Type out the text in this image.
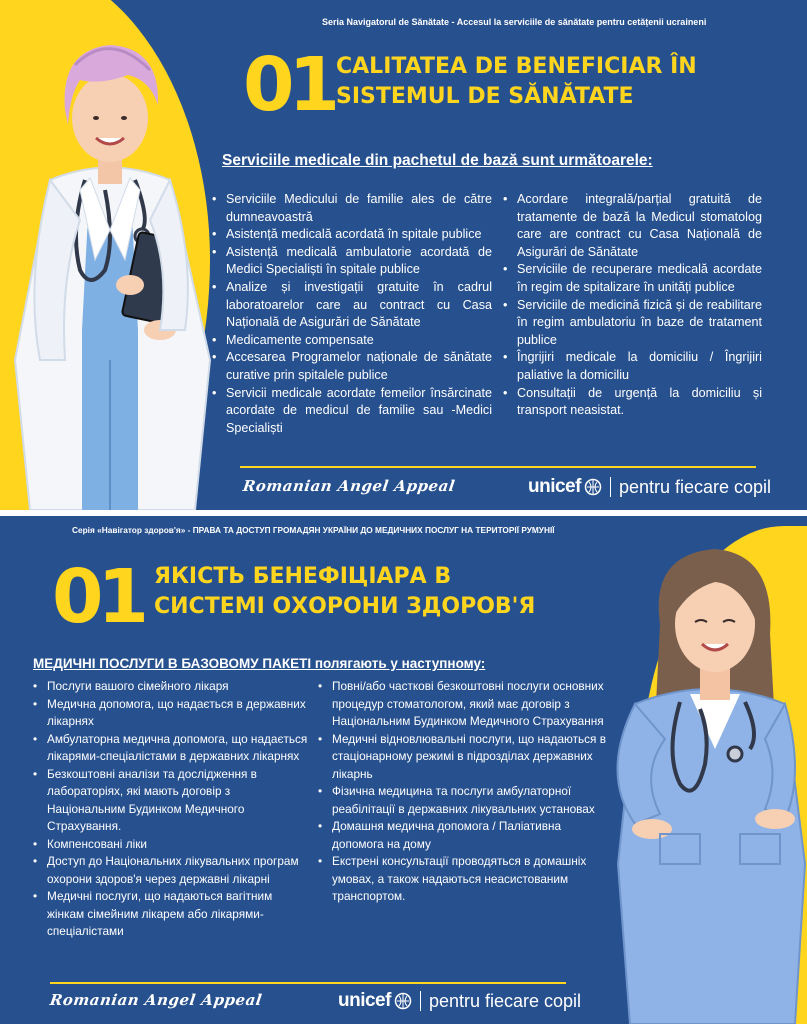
Seria Navigatorul de Sănătate - Accesul la serviciile de sănătate pentru cetățenii ucraineni
01 CALITATEA DE BENEFICIAR ÎN
SISTEMUL DE SĂNĂTATE
Serviciile medicale din pachetul de bază sunt următoarele:
• Serviciile Medicului de familie ales de către dumneavoastră
• Asistență medicală acordată în spitale publice
• Asistență medicală ambulatorie acordată de Medici Specialiști în spitale publice
• Analize și investigații gratuite în cadrul laboratoarelor care au contract cu Casa Națională de Asigurări de Sănătate
• Medicamente compensate
• Accesarea Programelor naționale de sănătate curative prin spitalele publice
• Servicii medicale acordate femeilor însărcinate acordate de medicul de familie sau -Medici Specialiști
• Acordare integrală/parțial gratuită de tratamente de bază la Medicul stomatolog care are contract cu Casa Națională de Asigurări de Sănătate
• Serviciile de recuperare medicală acordate în regim de spitalizare în unități publice
• Serviciile de medicină fizică și de reabilitare în regim ambulatoriu în baze de tratament publice
• Îngrijiri medicale la domiciliu / Îngrijiri paliative la domiciliu
• Consultații de urgență la domiciliu și transport neasistat.
Romanian Angel Appeal	unicef pentru fiecare copil
Серія «Навігатор здоров'я» - ПРАВА ТА ДОСТУП ГРОМАДЯН УКРАЇНИ ДО МЕДИЧНИХ ПОСЛУГ НА ТЕРИТОРІЇ РУМУНІЇ
01 ЯКІСТЬ БЕНЕФІЦІАРА В
СИСТЕМІ ОХОРОНИ ЗДОРОВ'Я
МЕДИЧНІ ПОСЛУГИ В БАЗОВОМУ ПАКЕТІ полягають у наступному:
• Послуги вашого сімейного лікаря
• Медична допомога, що надається в державних лікарнях
• Амбулаторна медична допомога, що надається лікарями-спеціалістами в державних лікарнях
• Безкоштовні аналізи та дослідження в лабораторіях, які мають договір з Національним Будинком Медичного Страхування.
• Компенсовані ліки
• Доступ до Національних лікувальних програм охорони здоров'я через державні лікарні
• Медичні послуги, що надаються вагітним жінкам сімейним лікарем або лікарями-спеціалістами
• Повні/або часткові безкоштовні послуги основних процедур стоматологом, який має договір з Національним Будинком Медичного Страхування
• Медичні відновлювальні послуги, що надаються в стаціонарному режимі в підрозділах державних лікарнь
• Фізична медицина та послуги амбулаторної реабілітації в державних лікувальних установах
• Домашня медична допомога / Паліативна допомога на дому
• Екстрені консультації проводяться в домашніх умовах, а також надаються неасистованим транспортом.
Romanian Angel Appeal	unicef pentru fiecare copil
